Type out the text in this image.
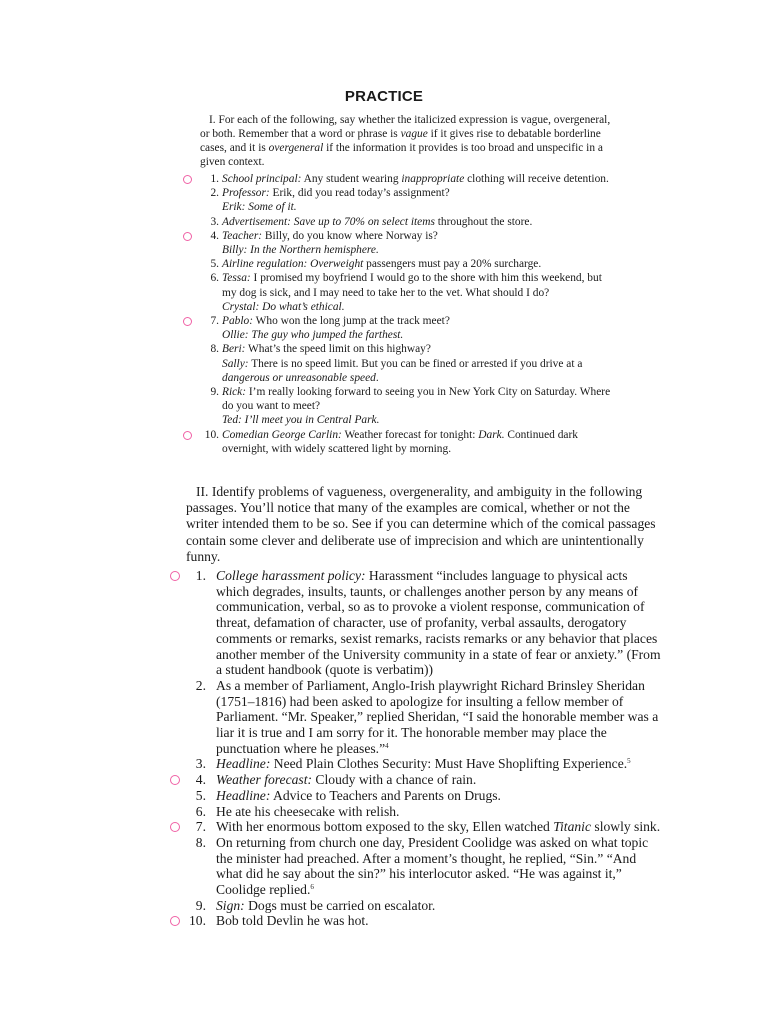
PRACTICE

I. For each of the following, say whether the italicized expression is vague, overgeneral, or both. Remember that a word or phrase is vague if it gives rise to debatable borderline cases, and it is overgeneral if the information it provides is too broad and unspecific in a given context.

1. School principal: Any student wearing inappropriate clothing will receive detention.
2. Professor: Erik, did you read today’s assignment?
Erik: Some of it.
3. Advertisement: Save up to 70% on select items throughout the store.
4. Teacher: Billy, do you know where Norway is?
Billy: In the Northern hemisphere.
5. Airline regulation: Overweight passengers must pay a 20% surcharge.
6. Tessa: I promised my boyfriend I would go to the shore with him this weekend, but my dog is sick, and I may need to take her to the vet. What should I do?
Crystal: Do what’s ethical.
7. Pablo: Who won the long jump at the track meet?
Ollie: The guy who jumped the farthest.
8. Beri: What’s the speed limit on this highway?
Sally: There is no speed limit. But you can be fined or arrested if you drive at a dangerous or unreasonable speed.
9. Rick: I’m really looking forward to seeing you in New York City on Saturday. Where do you want to meet?
Ted: I’ll meet you in Central Park.
10. Comedian George Carlin: Weather forecast for tonight: Dark. Continued dark overnight, with widely scattered light by morning.

II. Identify problems of vagueness, overgenerality, and ambiguity in the following passages. You’ll notice that many of the examples are comical, whether or not the writer intended them to be so. See if you can determine which of the comical passages contain some clever and deliberate use of imprecision and which are unintentionally funny.

1. College harassment policy: Harassment “includes language to physical acts which degrades, insults, taunts, or challenges another person by any means of communication, verbal, so as to provoke a violent response, communication of threat, defamation of character, use of profanity, verbal assaults, derogatory comments or remarks, sexist remarks, racists remarks or any behavior that places another member of the University community in a state of fear or anxiety.” (From a student handbook (quote is verbatim))
2. As a member of Parliament, Anglo-Irish playwright Richard Brinsley Sheridan (1751–1816) had been asked to apologize for insulting a fellow member of Parliament. “Mr. Speaker,” replied Sheridan, “I said the honorable member was a liar it is true and I am sorry for it. The honorable member may place the punctuation where he pleases.”$^4$
3. Headline: Need Plain Clothes Security: Must Have Shoplifting Experience.$^5$
4. Weather forecast: Cloudy with a chance of rain.
5. Headline: Advice to Teachers and Parents on Drugs.
6. He ate his cheesecake with relish.
7. With her enormous bottom exposed to the sky, Ellen watched Titanic slowly sink.
8. On returning from church one day, President Coolidge was asked on what topic the minister had preached. After a moment’s thought, he replied, “Sin.” “And what did he say about the sin?” his interlocutor asked. “He was against it,” Coolidge replied.$^6$
9. Sign: Dogs must be carried on escalator.
10. Bob told Devlin he was hot.
